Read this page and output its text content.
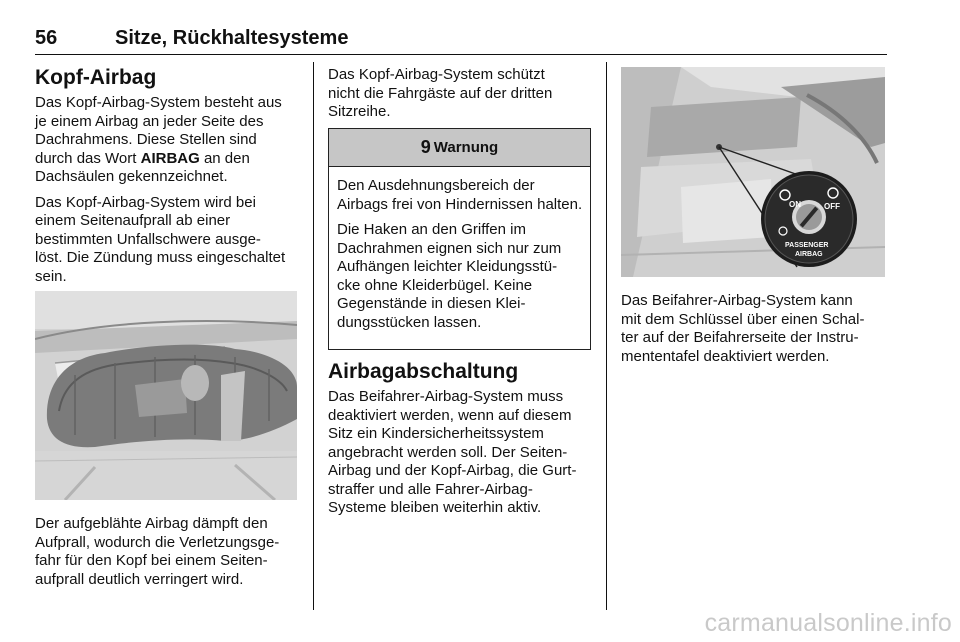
56	Sitze, Rückhaltesysteme
Kopf-Airbag

Das Kopf-Airbag-System besteht aus
je einem Airbag an jeder Seite des
Dachrahmens. Diese Stellen sind
durch das Wort AIRBAG an den
Dachsäulen gekennzeichnet.

Das Kopf-Airbag-System wird bei
einem Seitenaufprall ab einer
bestimmten Unfallschwere ausge-
löst. Die Zündung muss eingeschaltet
sein.

Der aufgeblähte Airbag dämpft den
Aufprall, wodurch die Verletzungsge-
fahr für den Kopf bei einem Seiten-
aufprall deutlich verringert wird.
Das Kopf-Airbag-System schützt
nicht die Fahrgäste auf der dritten
Sitzreihe.
9 Warnung

Den Ausdehnungsbereich der Airbags frei von Hindernissen halten.

Die Haken an den Griffen im Dachrahmen eignen sich nur zum Aufhängen leichter Kleidungsstü- cke ohne Kleiderbügel. Keine Gegenstände in diesen Klei- dungsstücken lassen.

Airbagabschaltung
Das Beifahrer-Airbag-System muss
deaktiviert werden, wenn auf diesem
Sitz ein Kindersicherheitssystem
angebracht werden soll. Der Seiten-
Airbag und der Kopf-Airbag, die Gurt-
straffer und alle Fahrer-Airbag-
Systeme bleiben weiterhin aktiv.
ON	OFF
PASSENGER
AIRBAG
Das Beifahrer-Airbag-System kann
mit dem Schlüssel über einen Schal-
ter auf der Beifahrerseite der Instru-
mententafel deaktiviert werden.
carmanualsonline.info
